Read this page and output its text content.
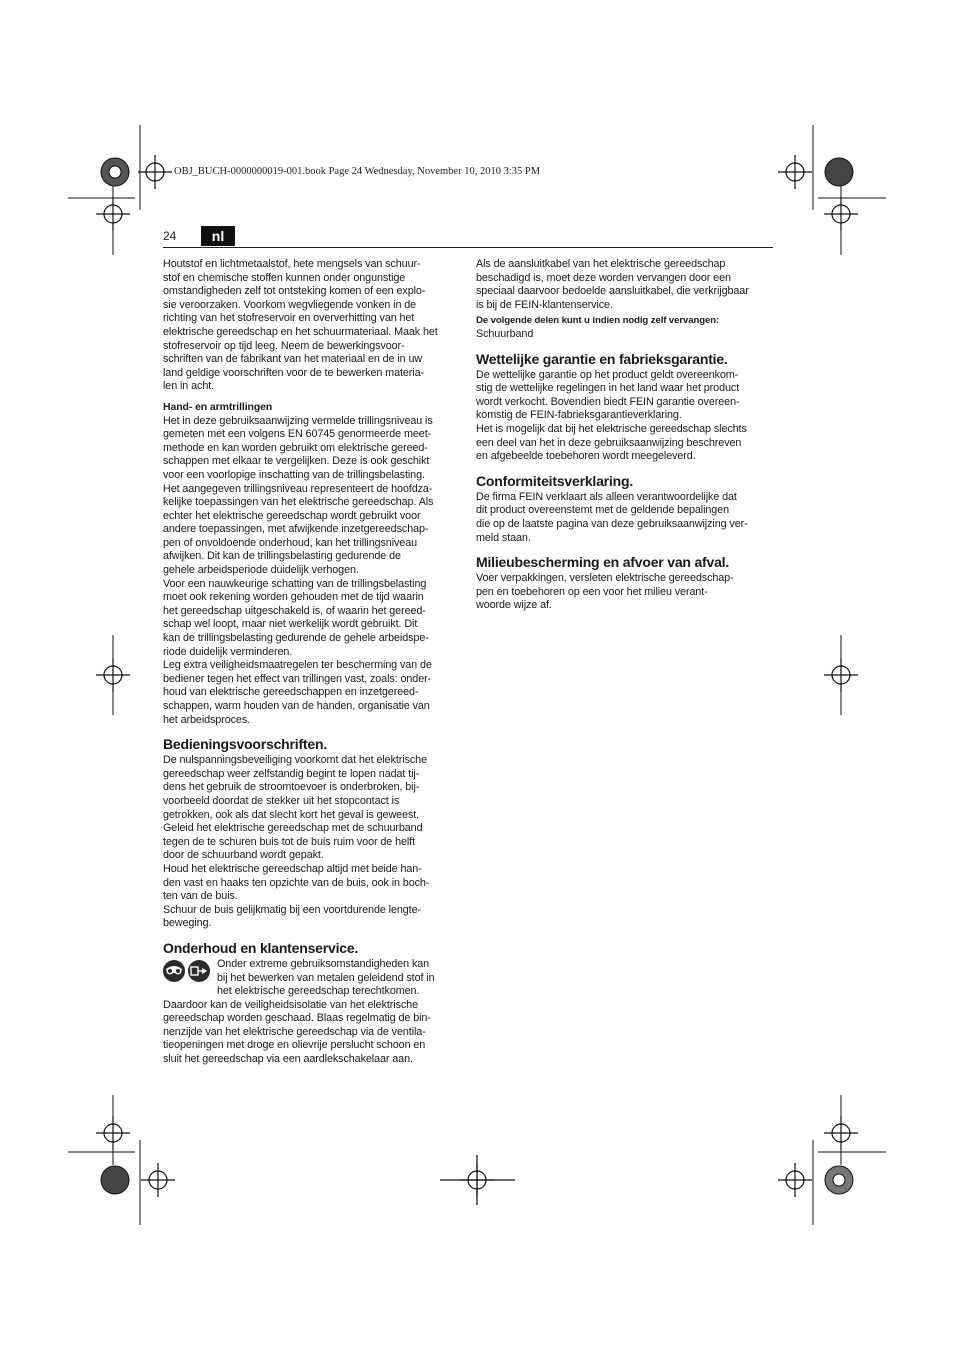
OBJ_BUCH-0000000019-001.book Page 24 Wednesday, November 10, 2010 3:35 PM
24	nl

Houtstof en lichtmetaalstof, hete mengsels van schuur-
stof en chemische stoffen kunnen onder ongunstige
omstandigheden zelf tot ontsteking komen of een explo-
sie veroorzaken. Voorkom wegvliegende vonken in de
richting van het stofreservoir en oververhitting van het
elektrische gereedschap en het schuurmateriaal. Maak het
stofreservoir op tijd leeg. Neem de bewerkingsvoor-
schriften van de fabrikant van het materiaal en de in uw
land geldige voorschriften voor de te bewerken materia-
len in acht.

Hand- en armtrillingen

Het in deze gebruiksaanwijzing vermelde trillingsniveau is
gemeten met een volgens EN 60745 genormeerde meet-
methode en kan worden gebruikt om elektrische gereed-
schappen met elkaar te vergelijken. Deze is ook geschikt
voor een voorlopige inschatting van de trillingsbelasting.

Het aangegeven trillingsniveau representeert de hoofdza-
kelijke toepassingen van het elektrische gereedschap. Als
echter het elektrische gereedschap wordt gebruikt voor
andere toepassingen, met afwijkende inzetgereedschap-
pen of onvoldoende onderhoud, kan het trillingsniveau
afwijken. Dit kan de trillingsbelasting gedurende de
gehele arbeidsperiode duidelijk verhogen.

Voor een nauwkeurige schatting van de trillingsbelasting
moet ook rekening worden gehouden met de tijd waarin
het gereedschap uitgeschakeld is, of waarin het gereed-
schap wel loopt, maar niet werkelijk wordt gebruikt. Dit
kan de trillingsbelasting gedurende de gehele arbeidspe-
riode duidelijk verminderen.

Leg extra veiligheidsmaatregelen ter bescherming van de
bediener tegen het effect van trillingen vast, zoals: onder-
houd van elektrische gereedschappen en inzetgereed-
schappen, warm houden van de handen, organisatie van
het arbeidsproces.

Bedieningsvoorschriften.

De nulspanningsbeveiliging voorkomt dat het elektrische
gereedschap weer zelfstandig begint te lopen nadat tij-
dens het gebruik de stroomtoevoer is onderbroken, bij-
voorbeeld doordat de stekker uit het stopcontact is
getrokken, ook als dat slecht kort het geval is geweest.

Geleid het elektrische gereedschap met de schuurband
tegen de te schuren buis tot de buis ruim voor de helft
door de schuurband wordt gepakt.

Houd het elektrische gereedschap altijd met beide han-
den vast en haaks ten opzichte van de buis, ook in boch-
ten van de buis.

Schuur de buis gelijkmatig bij een voortdurende lengte-
beweging.

Onderhoud en klantenservice.
Onder extreme gebruiksomstandigheden kan
bij het bewerken van metalen geleidend stof in
het elektrische gereedschap terechtkomen.

Daardoor kan de veiligheidsisolatie van het elektrische
gereedschap worden geschaad. Blaas regelmatig de bin-
nenzijde van het elektrische gereedschap via de ventila-
tieopeningen met droge en olievrije perslucht schoon en
sluit het gereedschap via een aardlekschakelaar aan.

Als de aansluitkabel van het elektrische gereedschap
beschadigd is, moet deze worden vervangen door een
speciaal daarvoor bedoelde aansluitkabel, die verkrijgbaar
is bij de FEIN-klantenservice.

De volgende delen kunt u indien nodig zelf vervangen:

Schuurband

Wettelijke garantie en fabrieksgarantie.

De wettelijke garantie op het product geldt overeenkom-
stig de wettelijke regelingen in het land waar het product
wordt verkocht. Bovendien biedt FEIN garantie overeen-
komstig de FEIN-fabrieksgarantieverklaring.

Het is mogelijk dat bij het elektrische gereedschap slechts
een deel van het in deze gebruiksaanwijzing beschreven
en afgebeelde toebehoren wordt meegeleverd.

Conformiteitsverklaring.

De firma FEIN verklaart als alleen verantwoordelijke dat
dit product overeenstemt met de geldende bepalingen
die op de laatste pagina van deze gebruiksaanwijzing ver-
meld staan.

Milieubescherming en afvoer van afval.

Voer verpakkingen, versleten elektrische gereedschap-
pen en toebehoren op een voor het milieu verant-
woorde wijze af.
